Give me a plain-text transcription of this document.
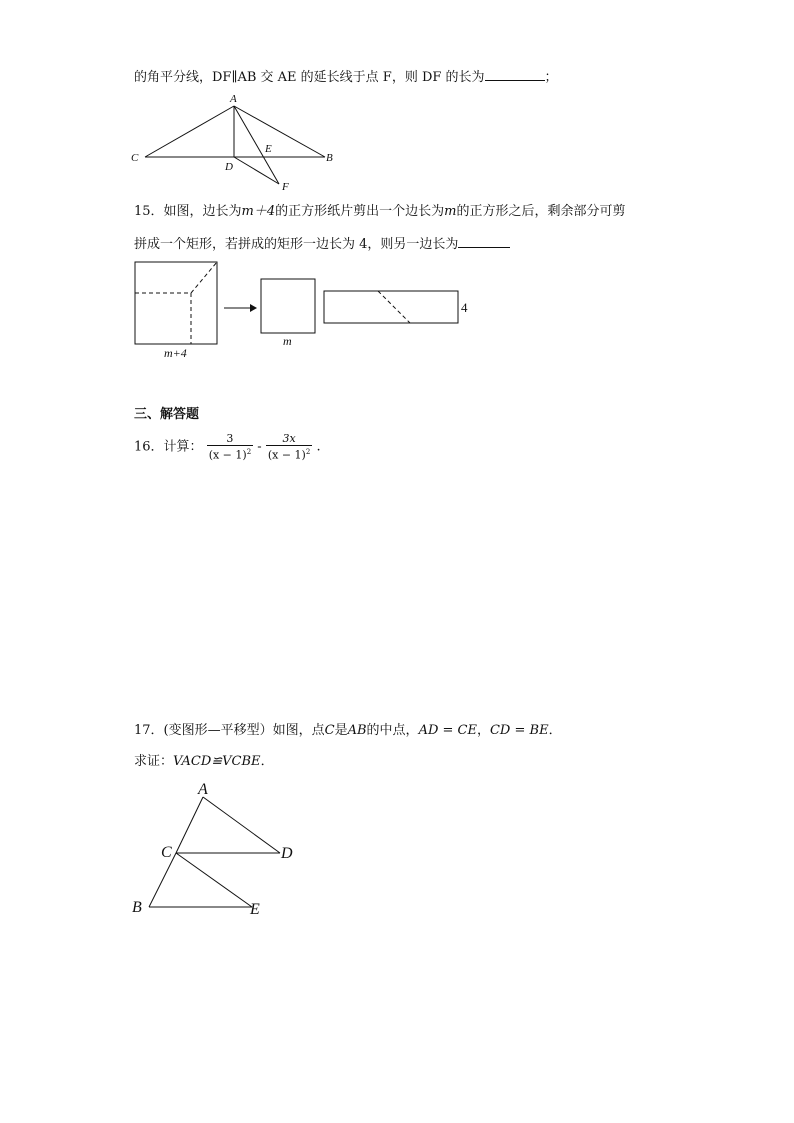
的角平分线，DF∥AB 交 AE 的延长线于点 F，则 DF 的长为	；
A
C	B
D
E
F
15．如图，边长为m＋4的正方形纸片剪出一个边长为m的正方形之后，剩余部分可剪
拼成一个矩形，若拼成的矩形一边长为 4，则另一边长为
m+4
m
4
三、解答题
16．计算： $\frac{3}{(x - 1)^2} - \frac{3x}{(x - 1)^2}$ .
17．(变图形—平移型）如图，点C是AB的中点，AD = CE，CD = BE．
求证：VACD≌VCBE．
A
C	D
B	E
